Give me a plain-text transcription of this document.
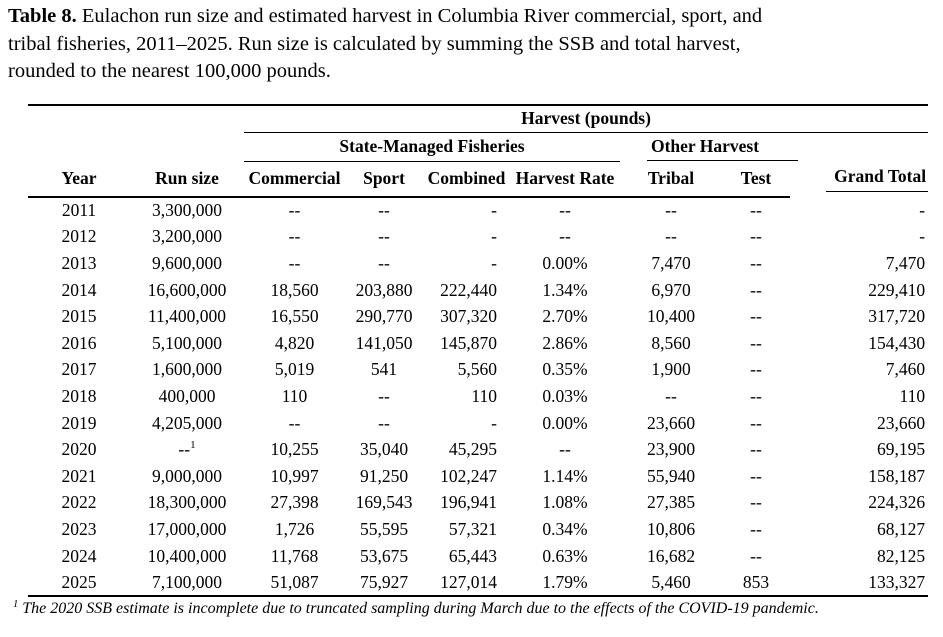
Table 8. Eulachon run size and estimated harvest in Columbia River commercial, sport, and
tribal fisheries, 2011–2025. Run size is calculated by summing the SSB and total harvest,
rounded to the nearest 100,000 pounds.
		Harvest (pounds)						
		State-Managed Fisheries				Other Harvest	

Year	Run size	Commercial	Sport	Combined	Harvest Rate	Tribal	Test	Grand Total
2011	3,300,000	--	--	-	--	--	--	-
2012	3,200,000	--	--	-	--	--	--	-
2013	9,600,000	--	--	-	0.00%	7,470	--	7,470
2014	16,600,000	18,560	203,880	222,440	1.34%	6,970	--	229,410
2015	11,400,000	16,550	290,770	307,320	2.70%	10,400	--	317,720
2016	5,100,000	4,820	141,050	145,870	2.86%	8,560	--	154,430
2017	1,600,000	5,019	541	5,560	0.35%	1,900	--	7,460
2018	400,000	110	--	110	0.03%	--	--	110
2019	4,205,000	--	--	-	0.00%	23,660	--	23,660
2020	--$^1$	10,255	35,040	45,295	--	23,900	--	69,195
2021	9,000,000	10,997	91,250	102,247	1.14%	55,940	--	158,187
2022	18,300,000	27,398	169,543	196,941	1.08%	27,385	--	224,326
2023	17,000,000	1,726	55,595	57,321	0.34%	10,806	--	68,127
2024	10,400,000	11,768	53,675	65,443	0.63%	16,682	--	82,125
2025	7,100,000	51,087	75,927	127,014	1.79%	5,460	853	133,327
$^1$ The 2020 SSB estimate is incomplete due to truncated sampling during March due to the effects of the COVID-19 pandemic.
